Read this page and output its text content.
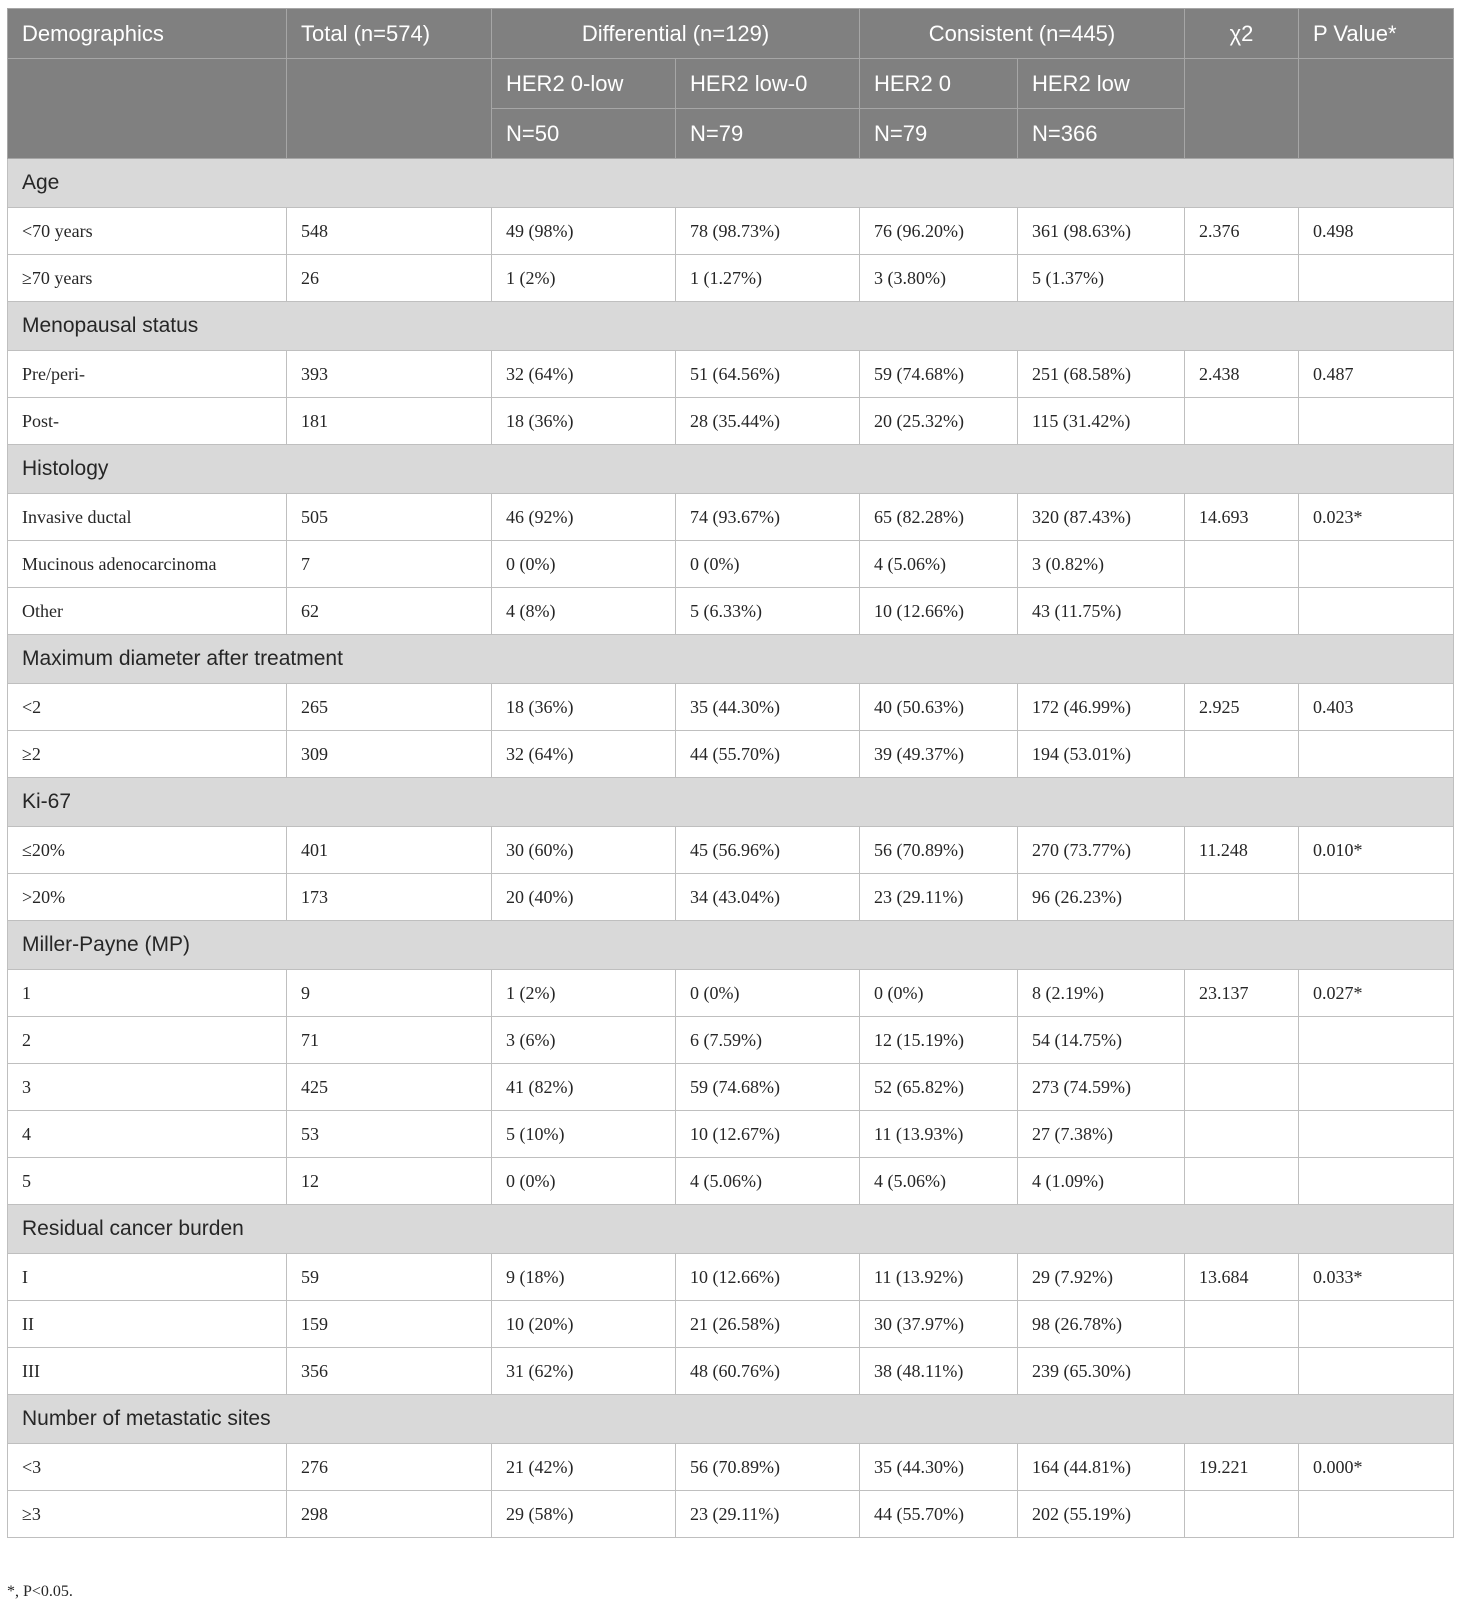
Demographics	Total (n=574)	Differential (n=129)		Consistent (n=445)		χ2	P Value*
		HER2 0-low	HER2 low-0	HER2 0	HER2 low		
		N=50	N=79	N=79	N=366		
Age							
<70 years	548	49 (98%)	78 (98.73%)	76 (96.20%)	361 (98.63%)	2.376	0.498
≥70 years	26	1 (2%)	1 (1.27%)	3 (3.80%)	5 (1.37%)		
Menopausal status							
Pre/peri-	393	32 (64%)	51 (64.56%)	59 (74.68%)	251 (68.58%)	2.438	0.487
Post-	181	18 (36%)	28 (35.44%)	20 (25.32%)	115 (31.42%)		
Histology							
Invasive ductal	505	46 (92%)	74 (93.67%)	65 (82.28%)	320 (87.43%)	14.693	0.023*
Mucinous adenocarcinoma	7	0 (0%)	0 (0%)	4 (5.06%)	3 (0.82%)		
Other	62	4 (8%)	5 (6.33%)	10 (12.66%)	43 (11.75%)		
Maximum diameter after treatment							
<2	265	18 (36%)	35 (44.30%)	40 (50.63%)	172 (46.99%)	2.925	0.403
≥2	309	32 (64%)	44 (55.70%)	39 (49.37%)	194 (53.01%)		
Ki-67							
≤20%	401	30 (60%)	45 (56.96%)	56 (70.89%)	270 (73.77%)	11.248	0.010*
>20%	173	20 (40%)	34 (43.04%)	23 (29.11%)	96 (26.23%)		
Miller-Payne (MP)							
1	9	1 (2%)	0 (0%)	0 (0%)	8 (2.19%)	23.137	0.027*
2	71	3 (6%)	6 (7.59%)	12 (15.19%)	54 (14.75%)		
3	425	41 (82%)	59 (74.68%)	52 (65.82%)	273 (74.59%)		
4	53	5 (10%)	10 (12.67%)	11 (13.93%)	27 (7.38%)		
5	12	0 (0%)	4 (5.06%)	4 (5.06%)	4 (1.09%)		
Residual cancer burden							
I	59	9 (18%)	10 (12.66%)	11 (13.92%)	29 (7.92%)	13.684	0.033*
II	159	10 (20%)	21 (26.58%)	30 (37.97%)	98 (26.78%)		
III	356	31 (62%)	48 (60.76%)	38 (48.11%)	239 (65.30%)		
Number of metastatic sites							
<3	276	21 (42%)	56 (70.89%)	35 (44.30%)	164 (44.81%)	19.221	0.000*
≥3	298	29 (58%)	23 (29.11%)	44 (55.70%)	202 (55.19%)		
*, P<0.05.
